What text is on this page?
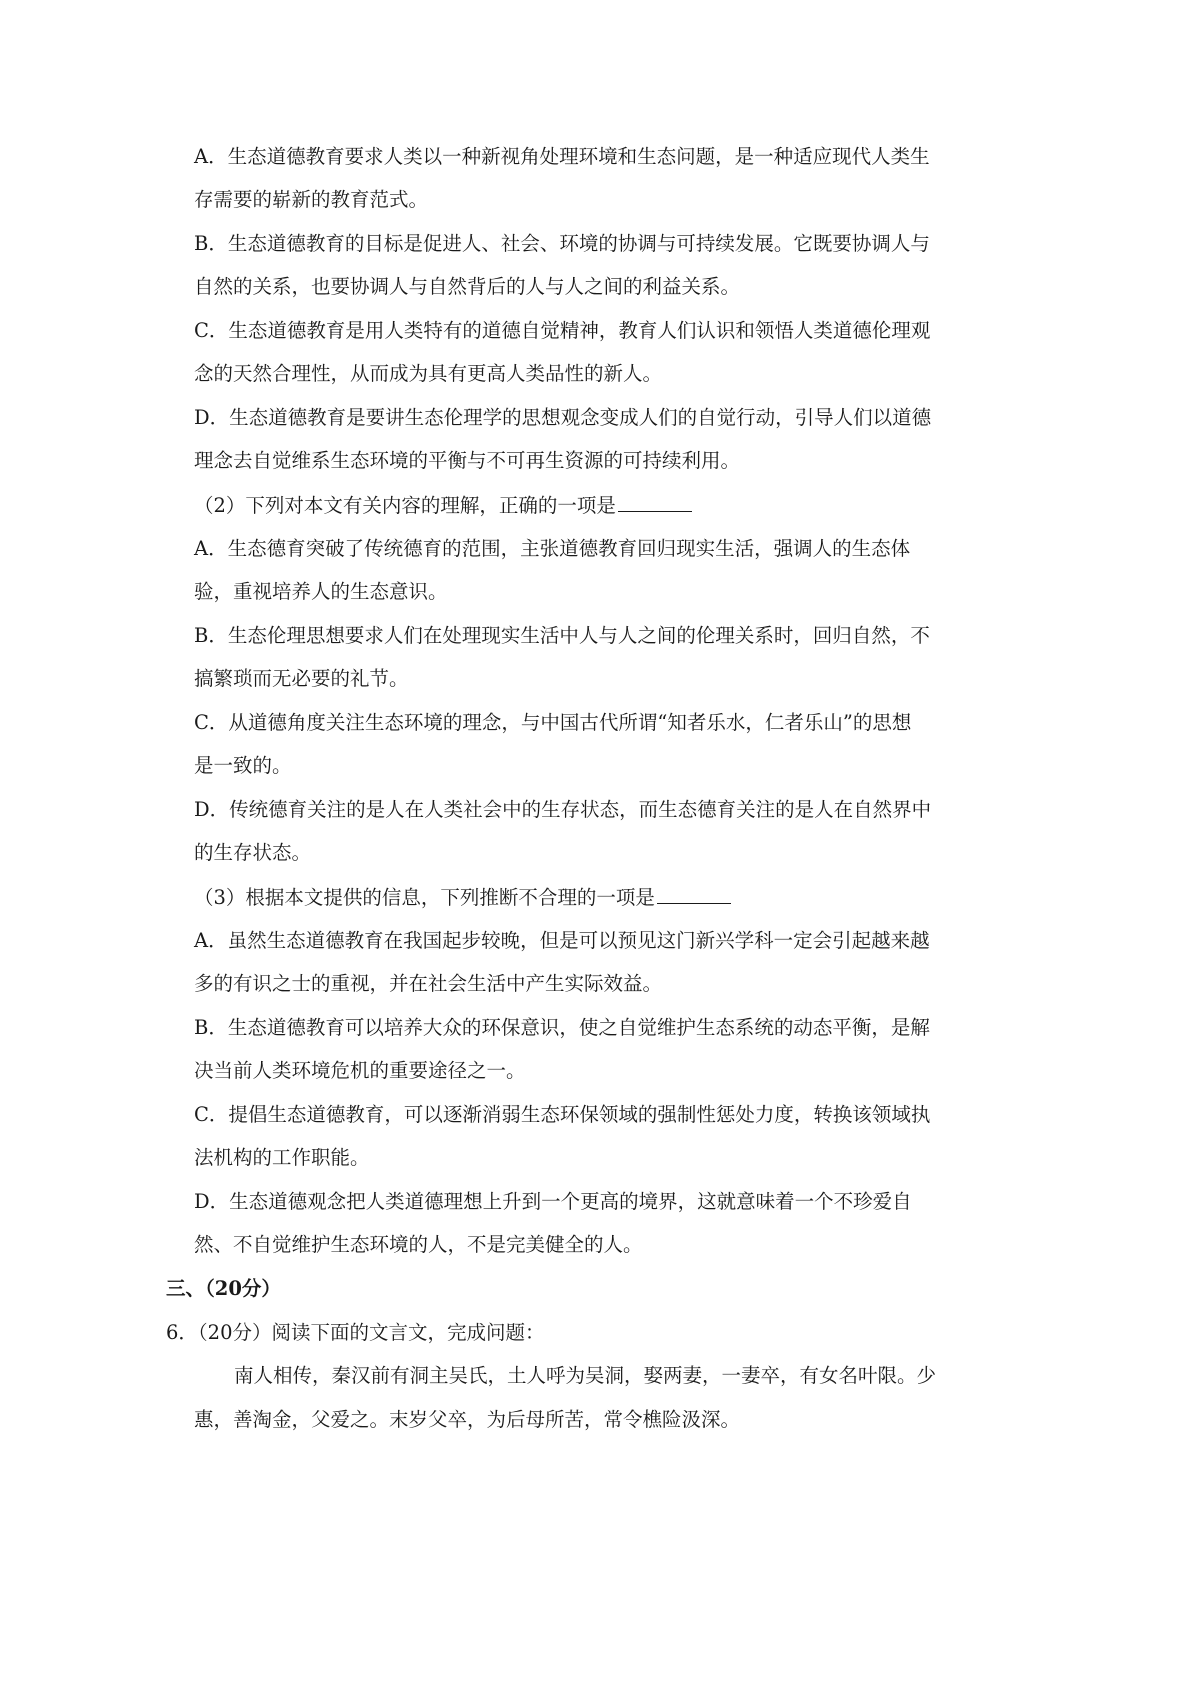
A．生态道德教育要求人类以一种新视角处理环境和生态问题，是一种适应现代人类生
存需要的崭新的教育范式。
B．生态道德教育的目标是促进人、社会、环境的协调与可持续发展。它既要协调人与
自然的关系，也要协调人与自然背后的人与人之间的利益关系。
C．生态道德教育是用人类特有的道德自觉精神，教育人们认识和领悟人类道德伦理观
念的天然合理性，从而成为具有更高人类品性的新人。
D．生态道德教育是要讲生态伦理学的思想观念变成人们的自觉行动，引导人们以道德
理念去自觉维系生态环境的平衡与不可再生资源的可持续利用。
（2）下列对本文有关内容的理解，正确的一项是
A．生态德育突破了传统德育的范围，主张道德教育回归现实生活，强调人的生态体
验，重视培养人的生态意识。
B．生态伦理思想要求人们在处理现实生活中人与人之间的伦理关系时，回归自然，不
搞繁琐而无必要的礼节。
C．从道德角度关注生态环境的理念，与中国古代所谓“知者乐水，仁者乐山”的思想
是一致的。
D．传统德育关注的是人在人类社会中的生存状态，而生态德育关注的是人在自然界中
的生存状态。
（3）根据本文提供的信息，下列推断不合理的一项是
A．虽然生态道德教育在我国起步较晚，但是可以预见这门新兴学科一定会引起越来越
多的有识之士的重视，并在社会生活中产生实际效益。
B．生态道德教育可以培养大众的环保意识，使之自觉维护生态系统的动态平衡，是解
决当前人类环境危机的重要途径之一。
C．提倡生态道德教育，可以逐渐消弱生态环保领域的强制性惩处力度，转换该领域执
法机构的工作职能。
D．生态道德观念把人类道德理想上升到一个更高的境界，这就意味着一个不珍爱自
然、不自觉维护生态环境的人，不是完美健全的人。
三、（20分）
6．（20分）阅读下面的文言文，完成问题：
南人相传，秦汉前有洞主吴氏，土人呼为吴洞，娶两妻，一妻卒，有女名叶限。少
惠，善淘金，父爱之。末岁父卒，为后母所苦，常令樵险汲深。
